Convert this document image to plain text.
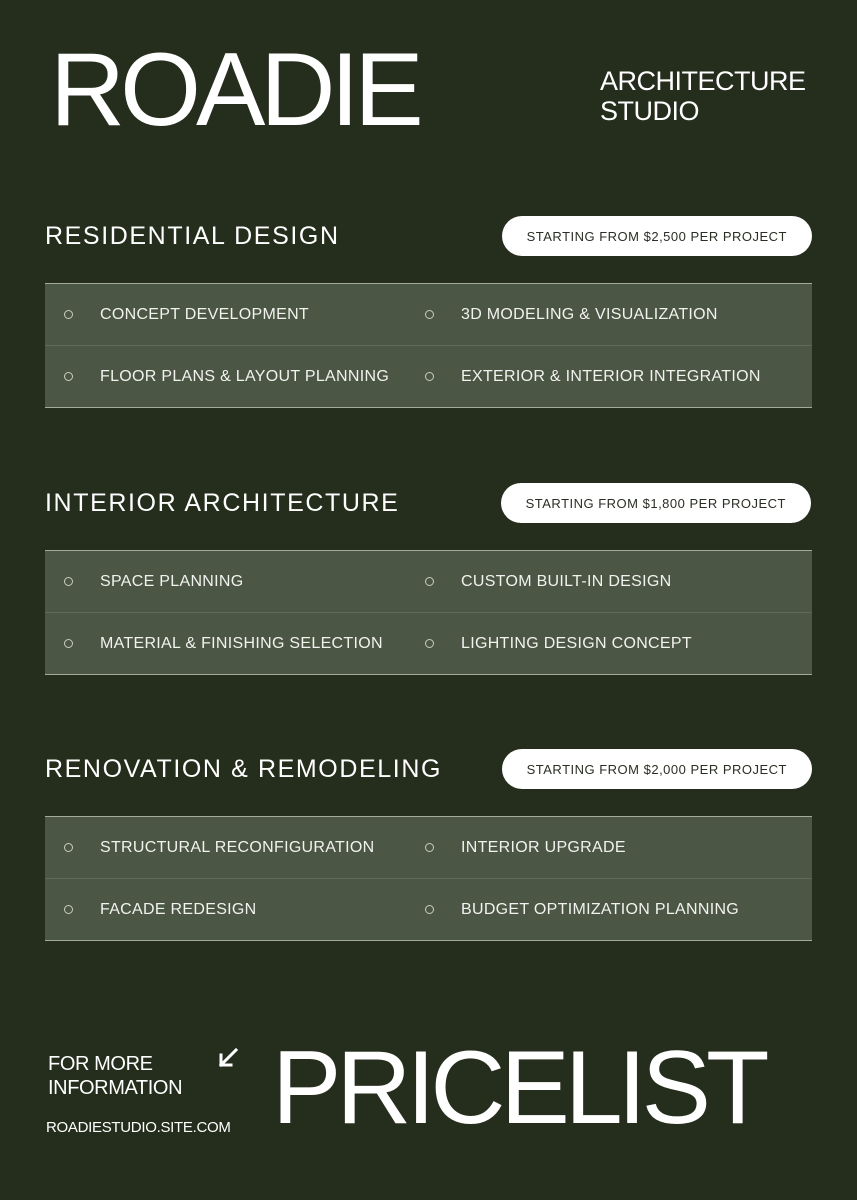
ROADIE	ARCHITECTURE
STUDIO
RESIDENTIAL DESIGN	STARTING FROM $2,500 PER PROJECT
CONCEPT DEVELOPMENT	3D MODELING & VISUALIZATION
FLOOR PLANS & LAYOUT PLANNING	EXTERIOR & INTERIOR INTEGRATION
INTERIOR ARCHITECTURE	STARTING FROM $1,800 PER PROJECT
SPACE PLANNING	CUSTOM BUILT-IN DESIGN
MATERIAL & FINISHING SELECTION	LIGHTING DESIGN CONCEPT
RENOVATION & REMODELING	STARTING FROM $2,000 PER PROJECT
STRUCTURAL RECONFIGURATION	INTERIOR UPGRADE
FACADE REDESIGN	BUDGET OPTIMIZATION PLANNING
FOR MORE
INFORMATION
ROADIESTUDIO.SITE.COM PRICELIST
